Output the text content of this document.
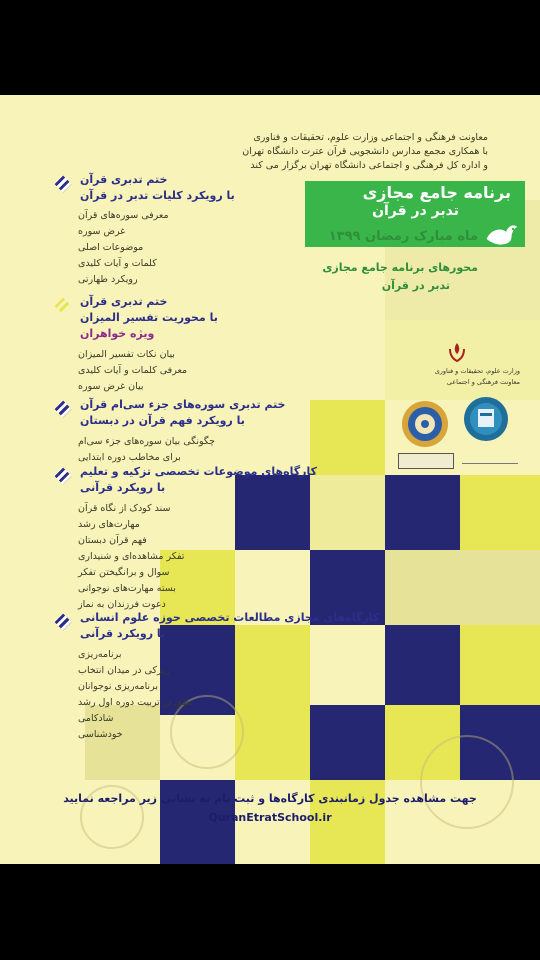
معاونت فرهنگی و اجتماعی وزارت علوم، تحقیقات و فناوری
با همکاری مجمع مدارس دانشجویی قرآن عترت دانشگاه تهران
و اداره کل فرهنگی و اجتماعی دانشگاه تهران برگزار می کند
برنامه جامع مجازی
تدبر در قرآن
ماه مبارک رمضان ۱۳۹۹
محورهای برنامه جامع مجازی
تدبر در قرآن
ختم تدبری قرآن
با رویکرد کلیات تدبر در قرآن
معرفی سوره‌های قرآن
غرض سوره
موضوعات اصلی
کلمات و آیات کلیدی
رویکرد طهارتی
ختم تدبری قرآن
با محوریت تفسیر المیزان
ویژه خواهران
بیان نکات تفسیر المیزان
معرفی کلمات و آیات کلیدی
بیان غرض سوره
ختم تدبری سوره‌های جزء سی‌ام قرآن
با رویکرد فهم قرآن در دبستان
چگونگی بیان سوره‌های جزء سی‌ام
برای مخاطب دوره ابتدایی
کارگاه‌های موضوعات تخصصی تزکیه و تعلیم
با رویکرد قرآنی
سند کودک از نگاه قرآن
مهارت‌های رشد
فهم قرآن دبستان
تفکر مشاهده‌ای و شنیداری
سوال و برانگیختن تفکر
بسته مهارت‌های نوجوانی
دعوت فرزندان به نماز
کارگاه‌های مجازی مطالعات تخصصی حوزه علوم انسانی
با رویکرد قرآنی
برنامه‌ریزی
زیرکی در میدان انتخاب
برنامه‌ریزی نوجوانان
نطق در تربیت دوره اول رشد
شادکامی
خودشناسی
وزارت علوم، تحقیقات و فناوری
معاونت فرهنگی و اجتماعی
جهت مشاهده جدول زمانبندی کارگاه‌ها و ثبت نام به نشانی زیر مراجعه نمایید
QuranEtratSchool.ir
